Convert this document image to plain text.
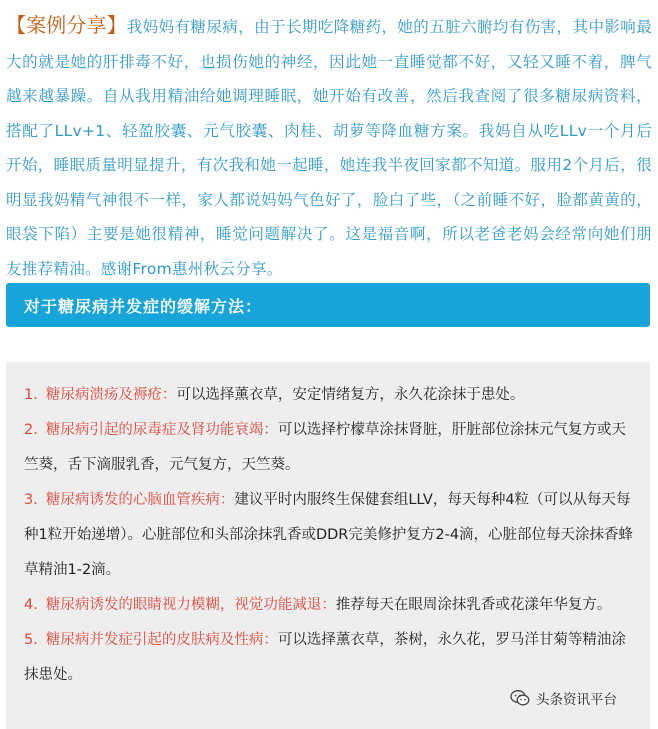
【案例分享】我妈妈有糖尿病，由于长期吃降糖药，她的五脏六腑均有伤害，其中影响最大的就是她的肝排毒不好，也损伤她的神经，因此她一直睡觉都不好，又轻又睡不着，脾气越来越暴躁。自从我用精油给她调理睡眠，她开始有改善，然后我查阅了很多糖尿病资料，搭配了LLv+1、轻盈胶囊、元气胶囊、肉桂、胡萝等降血糖方案。我妈自从吃LLv一个月后开始，睡眠质量明显提升，有次我和她一起睡，她连我半夜回家都不知道。服用2个月后，很明显我妈精气神很不一样，家人都说妈妈气色好了，脸白了些，（之前睡不好，脸都黄黄的，眼袋下陷）主要是她很精神，睡觉问题解决了。这是福音啊，所以老爸老妈会经常向她们朋友推荐精油。感谢From惠州秋云分享。
对于糖尿病并发症的缓解方法：
1. 糖尿病溃疡及褥疮：可以选择薰衣草，安定情绪复方，永久花涂抹于患处。
2. 糖尿病引起的尿毒症及肾功能衰竭：可以选择柠檬草涂抹肾脏，肝脏部位涂抹元气复方或天竺葵，舌下滴服乳香，元气复方，天竺葵。
3. 糖尿病诱发的心脑血管疾病：建议平时内服终生保健套组LLV，每天每种4粒（可以从每天每种1粒开始递增）。心脏部位和头部涂抹乳香或DDR完美修护复方2-4滴，心脏部位每天涂抹香蜂草精油1-2滴。
4. 糖尿病诱发的眼睛视力模糊，视觉功能减退：推荐每天在眼周涂抹乳香或花漾年华复方。
5. 糖尿病并发症引起的皮肤病及性病：可以选择薰衣草，茶树，永久花，罗马洋甘菊等精油涂抹患处。
头条资讯平台
